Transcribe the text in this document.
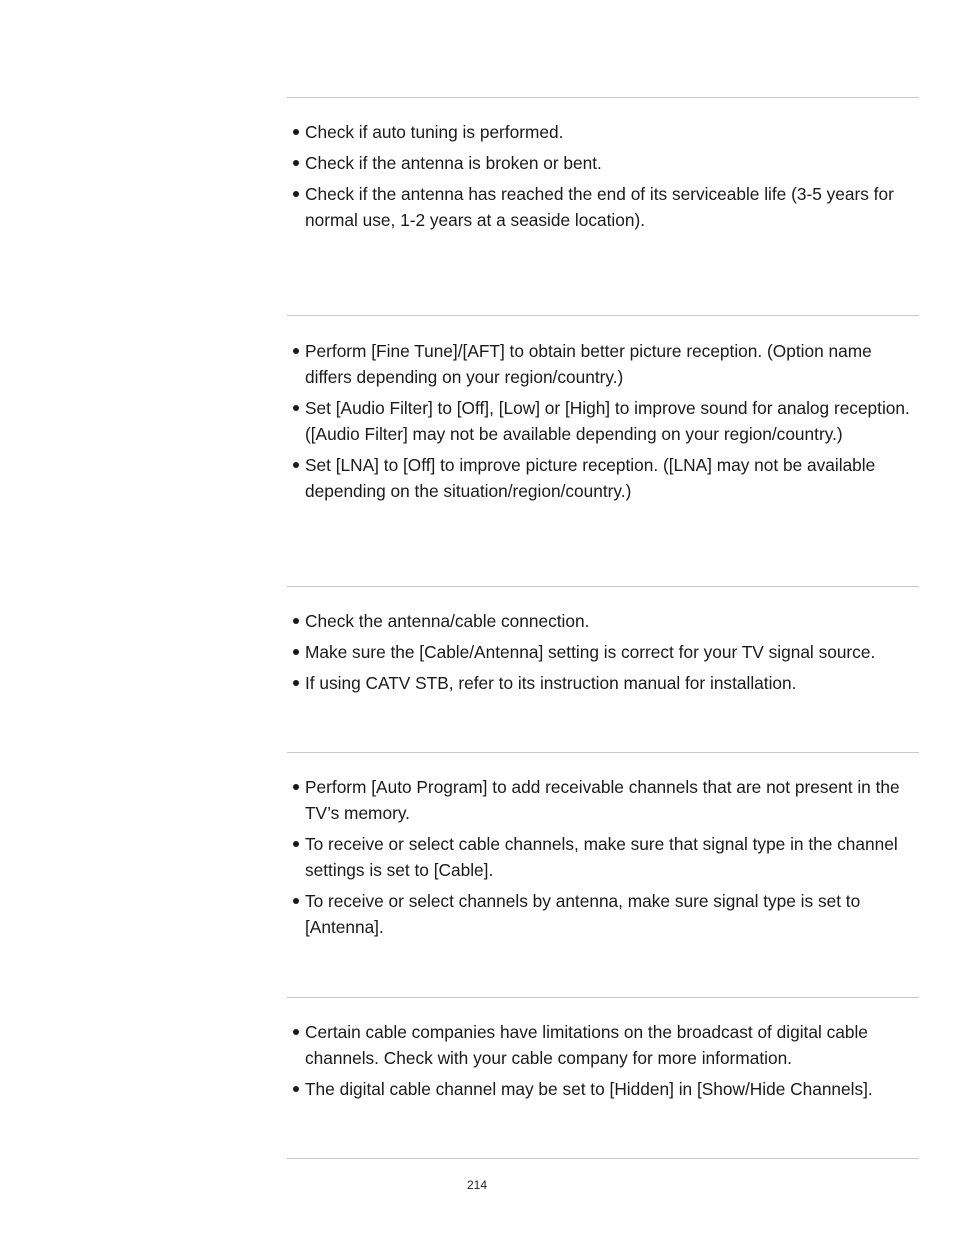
Check if auto tuning is performed.
Check if the antenna is broken or bent.
Check if the antenna has reached the end of its serviceable life (3-5 years for normal use, 1-2 years at a seaside location).
Perform [Fine Tune]/[AFT] to obtain better picture reception. (Option name differs depending on your region/country.)
Set [Audio Filter] to [Off], [Low] or [High] to improve sound for analog reception. ([Audio Filter] may not be available depending on your region/country.)
Set [LNA] to [Off] to improve picture reception. ([LNA] may not be available depending on the situation/region/country.)
Check the antenna/cable connection.
Make sure the [Cable/Antenna] setting is correct for your TV signal source.
If using CATV STB, refer to its instruction manual for installation.
Perform [Auto Program] to add receivable channels that are not present in the TV’s memory.
To receive or select cable channels, make sure that signal type in the channel settings is set to [Cable].
To receive or select channels by antenna, make sure signal type is set to [Antenna].
Certain cable companies have limitations on the broadcast of digital cable channels. Check with your cable company for more information.
The digital cable channel may be set to [Hidden] in [Show/Hide Channels].
214
